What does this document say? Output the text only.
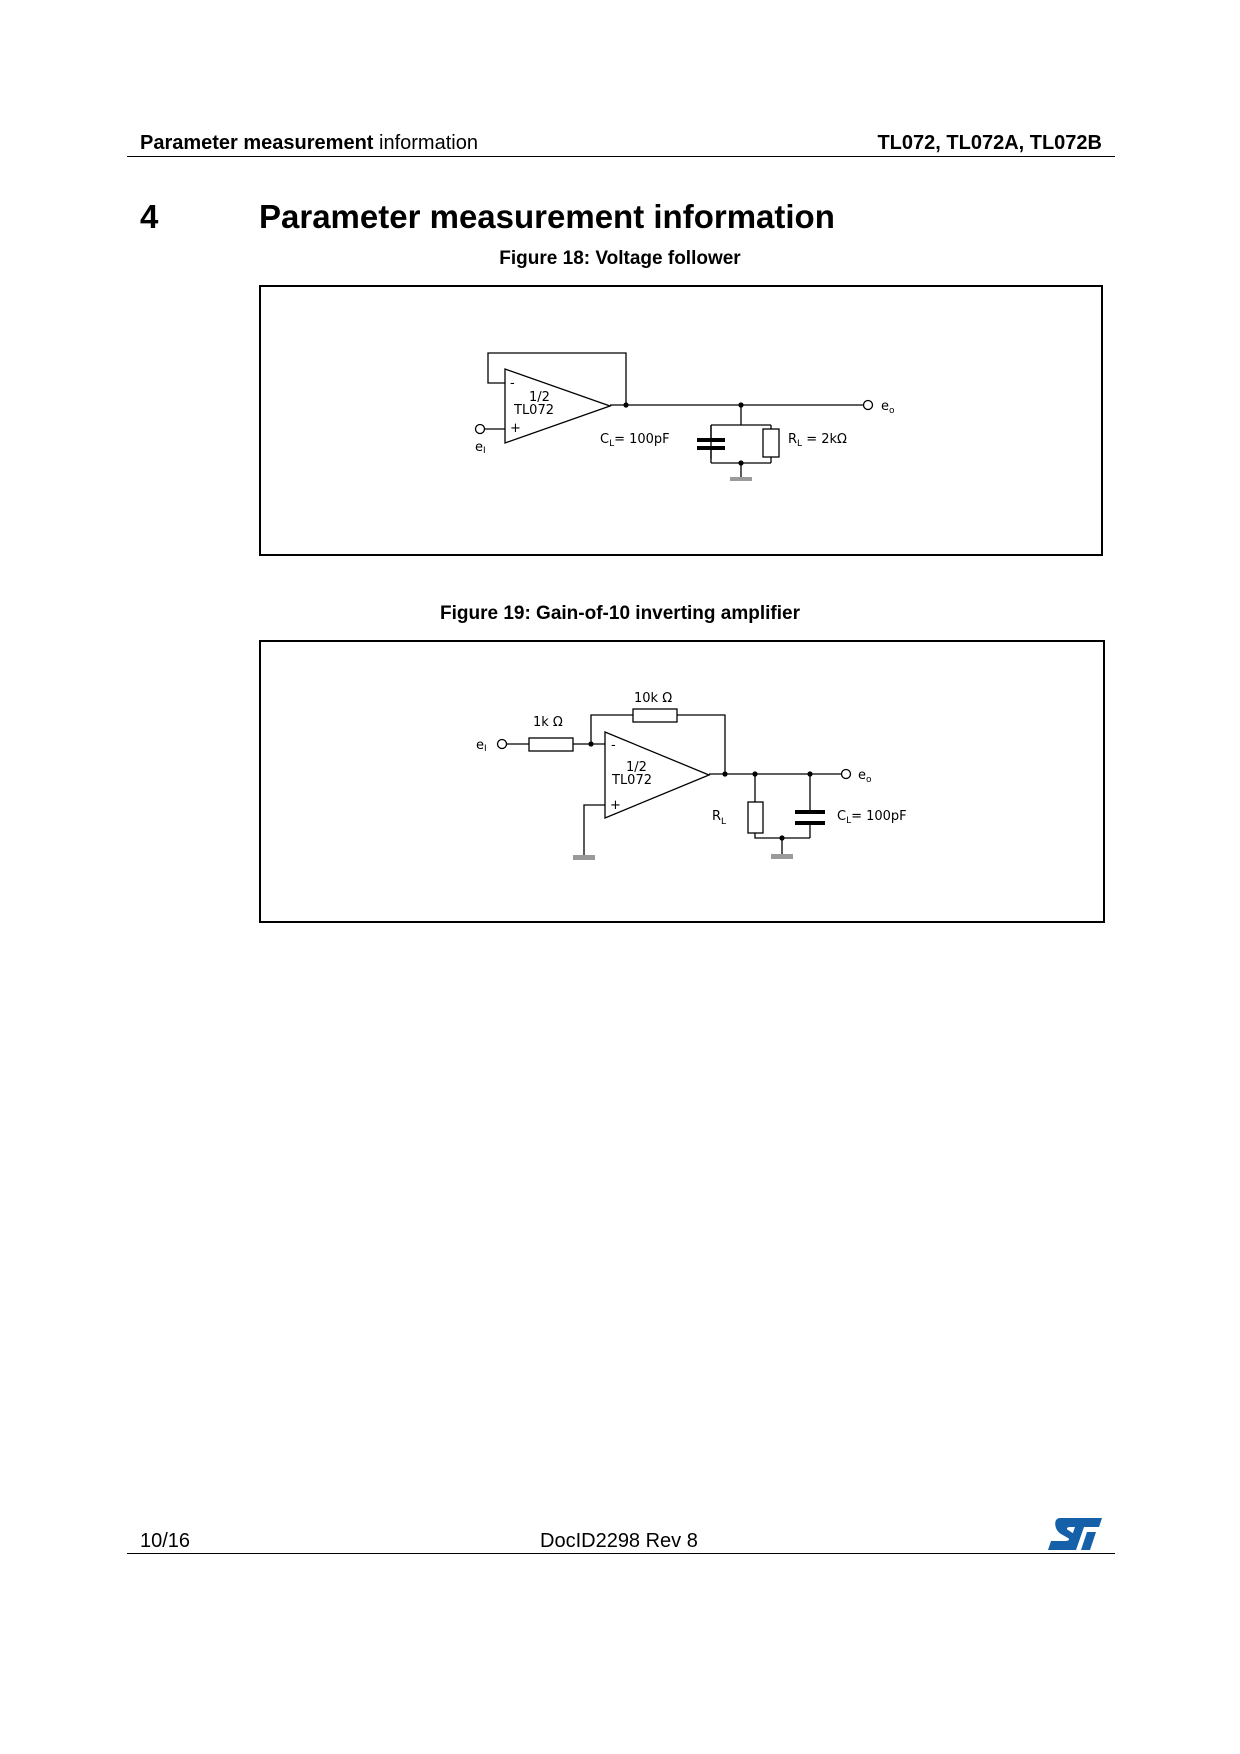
Parameter measurement information	TL072, TL072A, TL072B
4	Parameter measurement information
Figure 18: Voltage follower
-
+
1/2
TL072
eI
$e_o$
$C_L= 100pF$	$R_L = 2k\Omega$
Figure 19: Gain-of-10 inverting amplifier
-
+
1/2
TL072
10k Ω
1k Ω
eI
$e_o$
$R_L$	$C_L= 100pF$
10/16	DocID2298 Rev 8
